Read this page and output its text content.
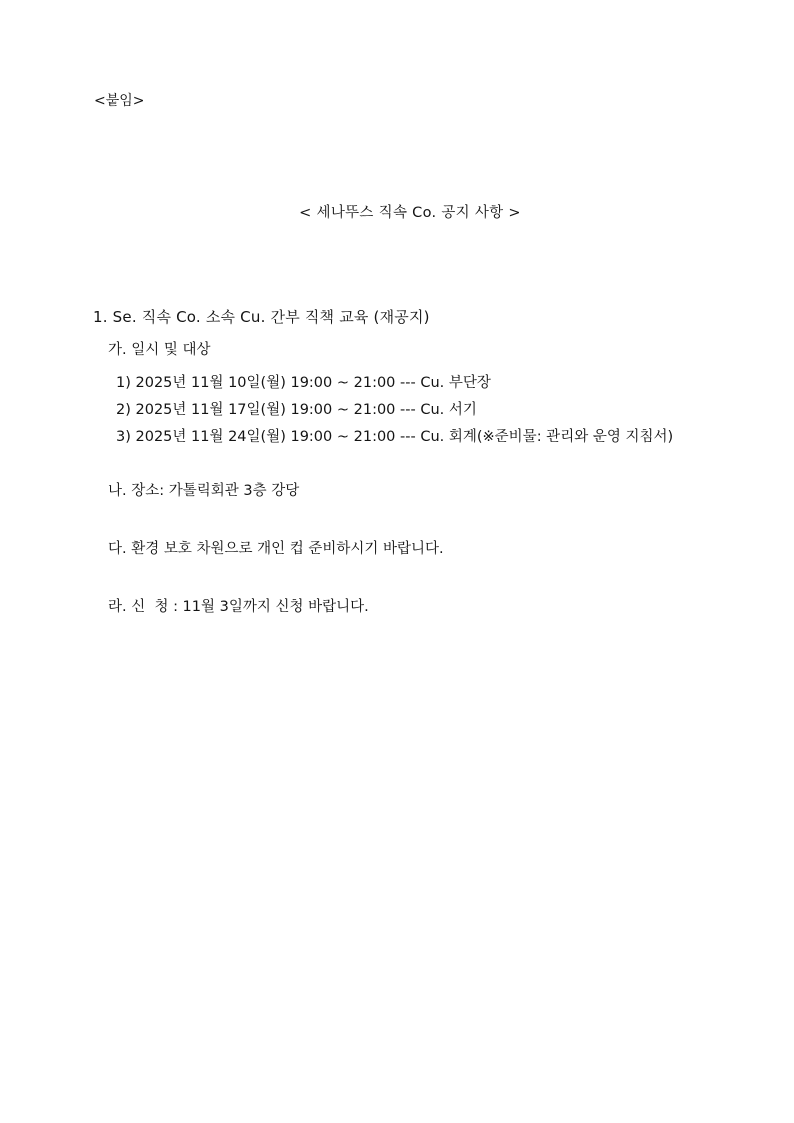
<붙임>
< 세나뚜스 직속 Co. 공지 사항 >
1. Se. 직속 Co. 소속 Cu. 간부 직책 교육 (재공지)
가. 일시 및 대상
1) 2025년 11월 10일(월) 19:00 ~ 21:00 --- Cu. 부단장
2) 2025년 11월 17일(월) 19:00 ~ 21:00 --- Cu. 서기
3) 2025년 11월 24일(월) 19:00 ~ 21:00 --- Cu. 회계(※준비물: 관리와 운영 지침서)
나. 장소: 가톨릭회관 3층 강당
다. 환경 보호 차원으로 개인 컵 준비하시기 바랍니다.
라. 신  청 : 11월 3일까지 신청 바랍니다.
